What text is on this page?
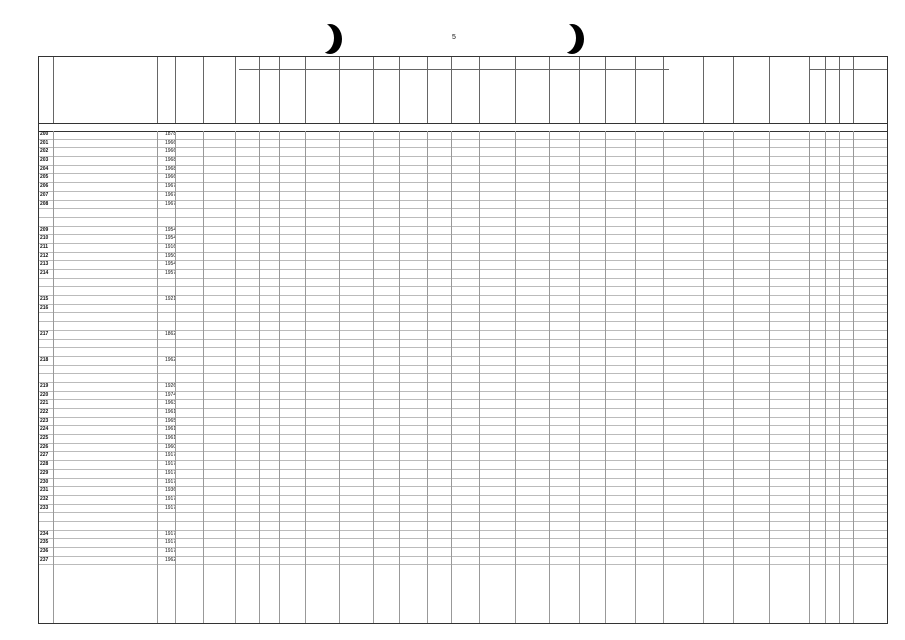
5
200	1878
201	1966
202	1966
203	1968
204	1968
205	1966
206	1967
207	1967
208	1967
209	1954
210	1954
211	1916
212	1950
213	1954
214	1957
215	1921
216
217	1862
218	1962
219	1926
220	1974
221	1963
222	1961
223	1965
224	1961
225	1961
226	1960
227	1917
228	1917
229	1917
230	1917
231	1936
232	1917
233	1917
234	1917
235	1917
236	1917
237	1962
